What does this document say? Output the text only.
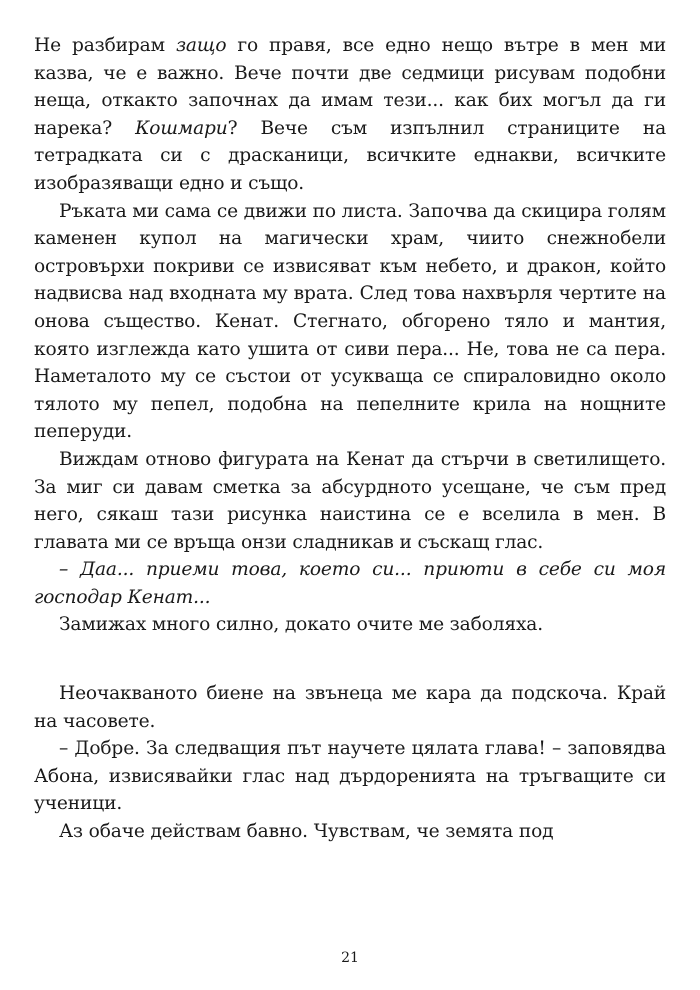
Не разбирам защо го правя, все едно нещо вътре в мен ми казва, че е важно. Вече почти две седмици рисувам подобни неща, откакто започнах да имам тези... как бих могъл да ги нарека? Кошмари? Вече съм изпълнил страниците на тетрадката си с драсканици, всичките еднакви, всичките изобразяващи едно и също.

Ръката ми сама се движи по листа. Започва да скицира голям каменен купол на магически храм, чиито снежнобели островърхи покриви се извисяват към небето, и дракон, който надвисва над входната му врата. След това нахвърля чертите на онова същество. Кенат. Стегнато, обгорено тяло и мантия, която изглежда като ушита от сиви пера... Не, това не са пера. Наметалото му се състои от усукваща се спираловидно около тялото му пепел, подобна на пепелните крила на нощните пеперуди.

Виждам отново фигурата на Кенат да стърчи в светилището. За миг си давам сметка за абсурдното усещане, че съм пред него, сякаш тази рисунка наистина се е вселила в мен. В главата ми се връща онзи сладникав и съскащ глас.

– Даа... приеми това, което си... приюти в себе си моя господар Кенат...

Замижах много силно, докато очите ме заболяха.

Неочакваното биене на звънеца ме кара да подскоча. Край на часовете.

– Добре. За следващия път научете цялата глава! – заповядва Абона, извисявайки глас над дърдоренията на тръгващите си ученици.

Аз обаче действам бавно. Чувствам, че земята под

21
